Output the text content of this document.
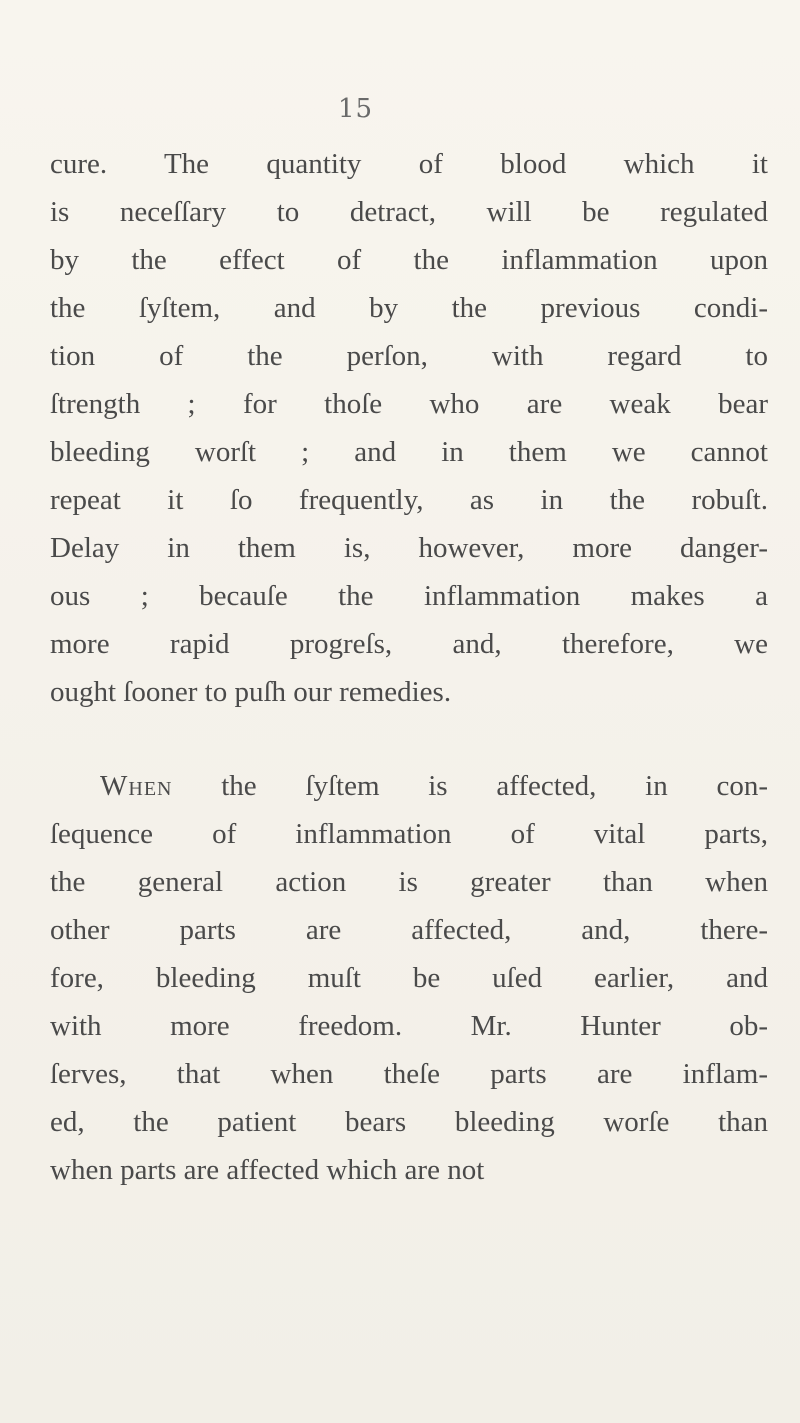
15
cure. The quantity of blood which it
is neceſſary to detract, will be regulated
by the effect of the inflammation upon
the ſyſtem, and by the previous condi-
tion of the perſon, with regard to
ſtrength ; for thoſe who are weak bear
bleeding worſt ; and in them we cannot
repeat it ſo frequently, as in the robuſt.
Delay in them is, however, more danger-
ous ; becauſe the inflammation makes a
more rapid progreſs, and, therefore, we
ought ſooner to puſh our remedies.
When the ſyſtem is affected, in con-
ſequence of inflammation of vital parts,
the general action is greater than when
other parts are affected, and, there-
fore, bleeding muſt be uſed earlier, and
with more freedom. Mr. Hunter ob-
ſerves, that when theſe parts are inflam-
ed, the patient bears bleeding worſe than
when parts are affected which are not
